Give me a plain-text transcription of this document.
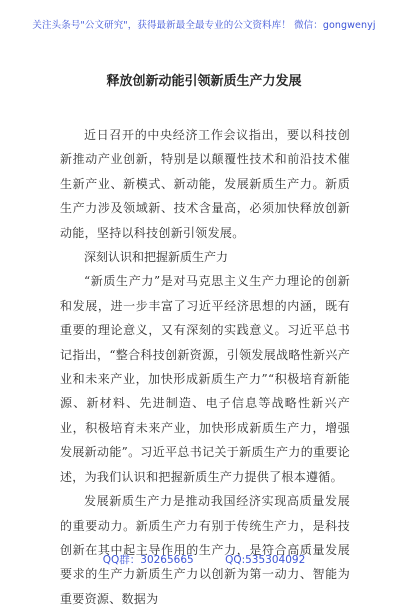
关注头条号"公文研究"，获得最新最全最专业的公文资料库！ 微信：gongwenyj
释放创新动能引领新质生产力发展

近日召开的中央经济工作会议指出，要以科技创新推动产业创新，特别是以颠覆性技术和前沿技术催生新产业、新模式、新动能，发展新质生产力。新质生产力涉及领域新、技术含量高，必须加快释放创新动能，坚持以科技创新引领发展。

深刻认识和把握新质生产力

“新质生产力”是对马克思主义生产力理论的创新和发展，进一步丰富了习近平经济思想的内涵，既有重要的理论意义，又有深刻的实践意义。习近平总书记指出，“整合科技创新资源，引领发展战略性新兴产业和未来产业，加快形成新质生产力”“积极培育新能源、新材料、先进制造、电子信息等战略性新兴产业，积极培育未来产业，加快形成新质生产力，增强发展新动能”。习近平总书记关于新质生产力的重要论述，为我们认识和把握新质生产力提供了根本遵循。

发展新质生产力是推动我国经济实现高质量发展的重要动力。新质生产力有别于传统生产力，是科技创新在其中起主导作用的生产力，是符合高质量发展要求的生产力新质生产力以创新为第一动力、智能为重要资源、数据为

QQ群：30265665	QQ:535304092
